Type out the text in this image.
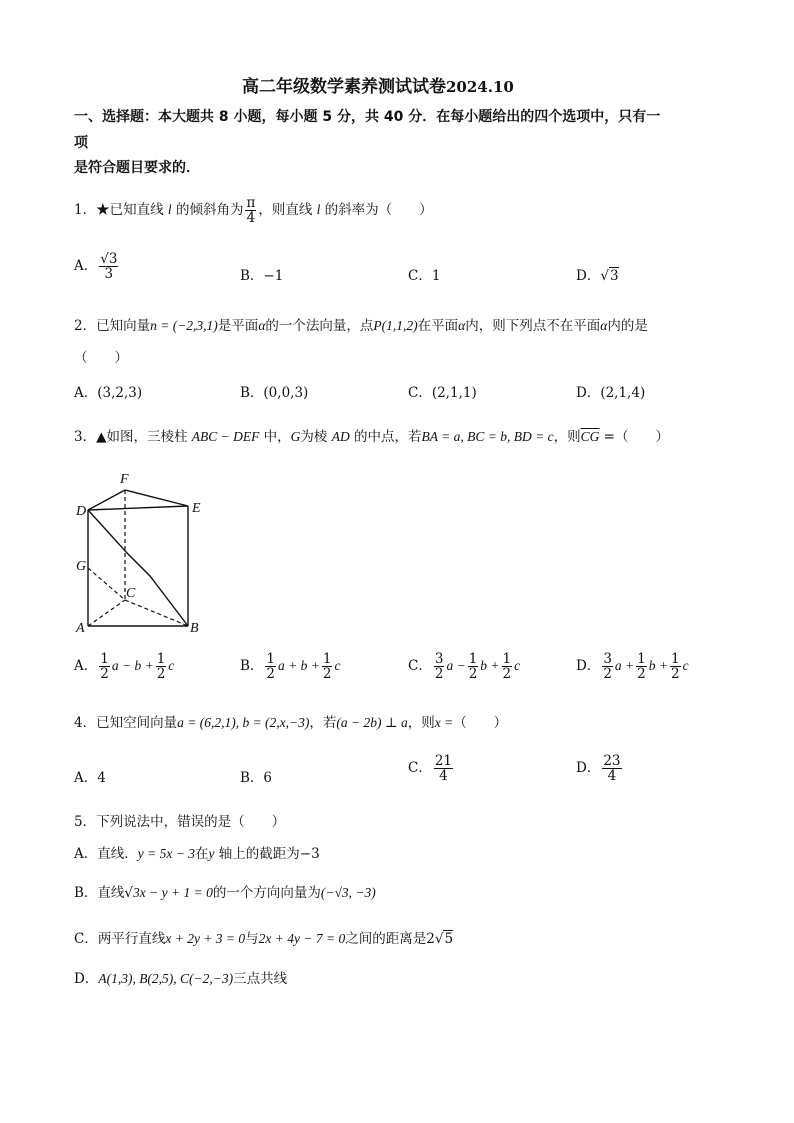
高二年级数学素养测试试卷2024.10
一、选择题：本大题共 8 小题，每小题 5 分，共 40 分．在每小题给出的四个选项中，只有一
项
是符合题目要求的．
1．★已知直线 l 的倾斜角为 $\frac{\pi}{4}$ ，则直线 l 的斜率为（　　）
A． $\frac{√3}{3}$	B．−1	C．1	D．√3
2．已知向量n = (−2,3,1)是平面α的一个法向量，点P(1,1,2)在平面α内，则下列点不在平面α内的是
（　　）
A．(3,2,3)	B．(0,0,3)	C．(2,1,1)	D．(2,1,4)
3．▲如图，三棱柱 ABC − DEF 中，G为棱 AD 的中点，若BA = a, BC = b, BD = c，则$\overline{CG}$ =（　　）
F
D	E
G
C
A	B
A． $\frac{1}{2}$ $a - b + \frac{1}{2}$ c	B． $\frac{1}{2}$ $a + b + \frac{1}{2}$ c	C． $\frac{3}{2}$ $a - \frac{1}{2}$ $b + \frac{1}{2}$ c	D． $\frac{3}{2}$ $a + \frac{1}{2}$ $b + \frac{1}{2}$ c
4．已知空间向量a = (6,2,1), b = (2,x,−3)，若(a − 2b) ⊥ a，则x =（　　）
A．4	B．6
C． $\frac{21}{4}$	D． $\frac{23}{4}$
5．下列说法中，错误的是（　　）
A．直线．y = 5x − 3在y 轴上的截距为−3
B．直线√3x − y + 1 = 0的一个方向向量为(−√3, −3)
C．两平行直线x + 2y + 3 = 0与2x + 4y − 7 = 0之间的距离是2√5
D．A(1,3), B(2,5), C(−2,−3)三点共线
